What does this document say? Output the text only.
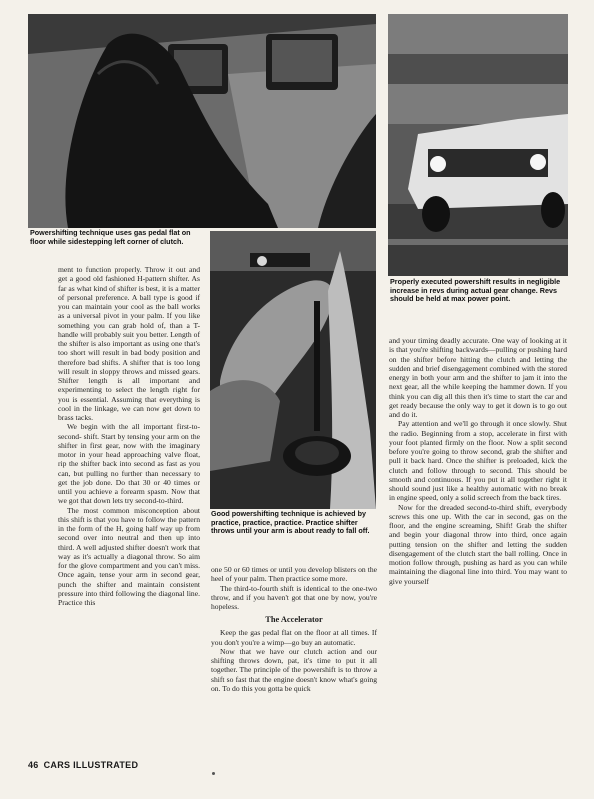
Powershifting technique uses gas pedal flat on floor while sidestepping left corner of clutch.

Properly executed powershift results in negligible increase in revs during actual gear change. Revs should be held at max power point.

Good powershifting technique is achieved by practice, practice, practice. Practice shifter throws until your arm is about ready to fall off.

ment to function properly. Throw it out and get a good old fashioned H-pattern shifter. As far as what kind of shifter is best, it is a matter of personal preference. A ball type is good if you can maintain your cool as the ball works as a universal pivot in your palm. If you like something you can grab hold of, than a T-handle will probably suit you better. Length of the shifter is also important as using one that's too short will result in bad body position and therefore bad shifts. A shifter that is too long will result in sloppy throws and missed gears. Shifter length is all important and experimenting to select the length right for you is essential. Assuming that everything is cool in the linkage, we can now get down to brass tacks.

We begin with the all important first-to-second- shift. Start by tensing your arm on the shifter in first gear, now with the imaginary motor in your head approaching valve float, rip the shifter back into second as fast as you can, but pulling no further than necessary to get the job done. Do that 30 or 40 times or until you achieve a forearm spasm. Now that we got that down lets try second-to-third.

The most common misconception about this shift is that you have to follow the pattern in the form of the H, going half way up from second over into neutral and then up into third. A well adjusted shifter doesn't work that way as it's actually a diagonal throw. So aim for the glove compartment and you can't miss. Once again, tense your arm in second gear, punch the shifter and maintain consistent pressure into third following the diagonal line. Practice this

one 50 or 60 times or until you develop blisters on the heel of your palm. Then practice some more.

The third-to-fourth shift is identical to the one-two throw, and if you haven't got that one by now, you're hopeless.

The Accelerator

Keep the gas pedal flat on the floor at all times. If you don't you're a wimp—go buy an automatic.

Now that we have our clutch action and our shifting throws down, pat, it's time to put it all together. The principle of the powershift is to throw a shift so fast that the engine doesn't know what's going on. To do this you gotta be quick

and your timing deadly accurate. One way of looking at it is that you're shifting backwards—pulling or pushing hard on the shifter before hitting the clutch and letting the sudden and brief disengagement combined with the stored energy in both your arm and the shifter to jam it into the next gear, all the while keeping the hammer down. If you think you can dig all this then it's time to start the car and get ready because the only way to get it down is to go out and do it.

Pay attention and we'll go through it once slowly. Shut the radio. Beginning from a stop, accelerate in first with your foot planted firmly on the floor. Now a split second before you're going to throw second, grab the shifter and pull it back hard. Once the shifter is preloaded, kick the clutch and follow through to second. This should be smooth and continuous. If you put it all together right it should sound just like a healthy automatic with no break in engine speed, only a solid screech from the back tires.

Now for the dreaded second-to-third shift, everybody screws this one up. With the car in second, gas on the floor, and the engine screaming, Shift! Grab the shifter and begin your diagonal throw into third, once again putting tension on the shifter and letting the sudden disengagement of the clutch start the ball rolling. Once in motion follow through, pushing as hard as you can while maintaining the diagonal line into third. You may want to give yourself

46 CARS ILLUSTRATED
